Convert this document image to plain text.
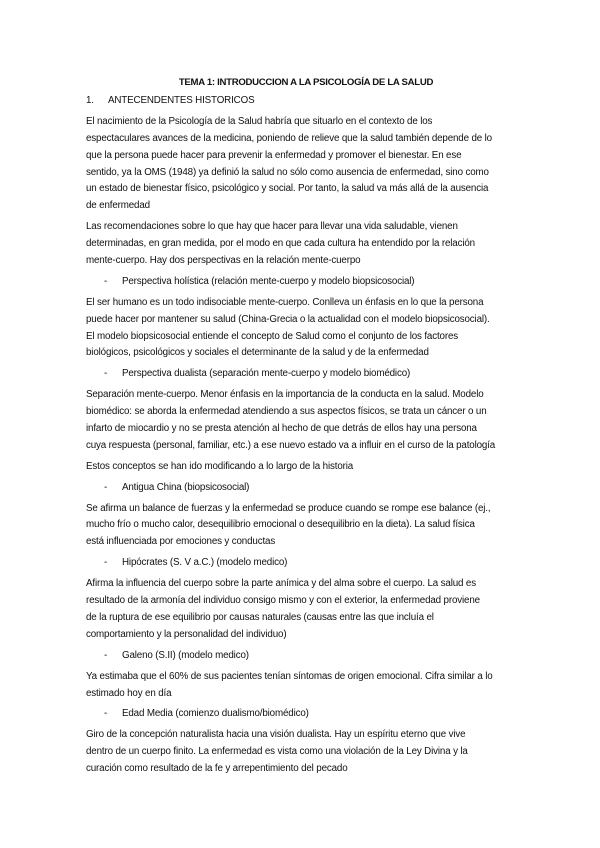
TEMA 1: INTRODUCCION A LA PSICOLOGÍA DE LA SALUD
1. ANTECENDENTES HISTORICOS
El nacimiento de la Psicología de la Salud habría que situarlo en el contexto de los
espectaculares avances de la medicina, poniendo de relieve que la salud también depende de lo
que la persona puede hacer para prevenir la enfermedad y promover el bienestar. En ese
sentido, ya la OMS (1948) ya definió la salud no sólo como ausencia de enfermedad, sino como
un estado de bienestar físico, psicológico y social. Por tanto, la salud va más allá de la ausencia
de enfermedad
Las recomendaciones sobre lo que hay que hacer para llevar una vida saludable, vienen
determinadas, en gran medida, por el modo en que cada cultura ha entendido por la relación
mente-cuerpo. Hay dos perspectivas en la relación mente-cuerpo
- Perspectiva holística (relación mente-cuerpo y modelo biopsicosocial)
El ser humano es un todo indisociable mente-cuerpo. Conlleva un énfasis en lo que la persona
puede hacer por mantener su salud (China-Grecia o la actualidad con el modelo biopsicosocial).
El modelo biopsicosocial entiende el concepto de Salud como el conjunto de los factores
biológicos, psicológicos y sociales el determinante de la salud y de la enfermedad
- Perspectiva dualista (separación mente-cuerpo y modelo biomédico)
Separación mente-cuerpo. Menor énfasis en la importancia de la conducta en la salud. Modelo
biomédico: se aborda la enfermedad atendiendo a sus aspectos físicos, se trata un cáncer o un
infarto de miocardio y no se presta atención al hecho de que detrás de ellos hay una persona
cuya respuesta (personal, familiar, etc.) a ese nuevo estado va a influir en el curso de la patología
Estos conceptos se han ido modificando a lo largo de la historia
- Antigua China (biopsicosocial)
Se afirma un balance de fuerzas y la enfermedad se produce cuando se rompe ese balance (ej.,
mucho frío o mucho calor, desequilibrio emocional o desequilibrio en la dieta). La salud física
está influenciada por emociones y conductas
- Hipócrates (S. V a.C.) (modelo medico)
Afirma la influencia del cuerpo sobre la parte anímica y del alma sobre el cuerpo. La salud es
resultado de la armonía del individuo consigo mismo y con el exterior, la enfermedad proviene
de la ruptura de ese equilibrio por causas naturales (causas entre las que incluía el
comportamiento y la personalidad del individuo)
- Galeno (S.II) (modelo medico)
Ya estimaba que el 60% de sus pacientes tenían síntomas de origen emocional. Cifra similar a lo
estimado hoy en día
- Edad Media (comienzo dualismo/biomédico)
Giro de la concepción naturalista hacia una visión dualista. Hay un espíritu eterno que vive
dentro de un cuerpo finito. La enfermedad es vista como una violación de la Ley Divina y la
curación como resultado de la fe y arrepentimiento del pecado
